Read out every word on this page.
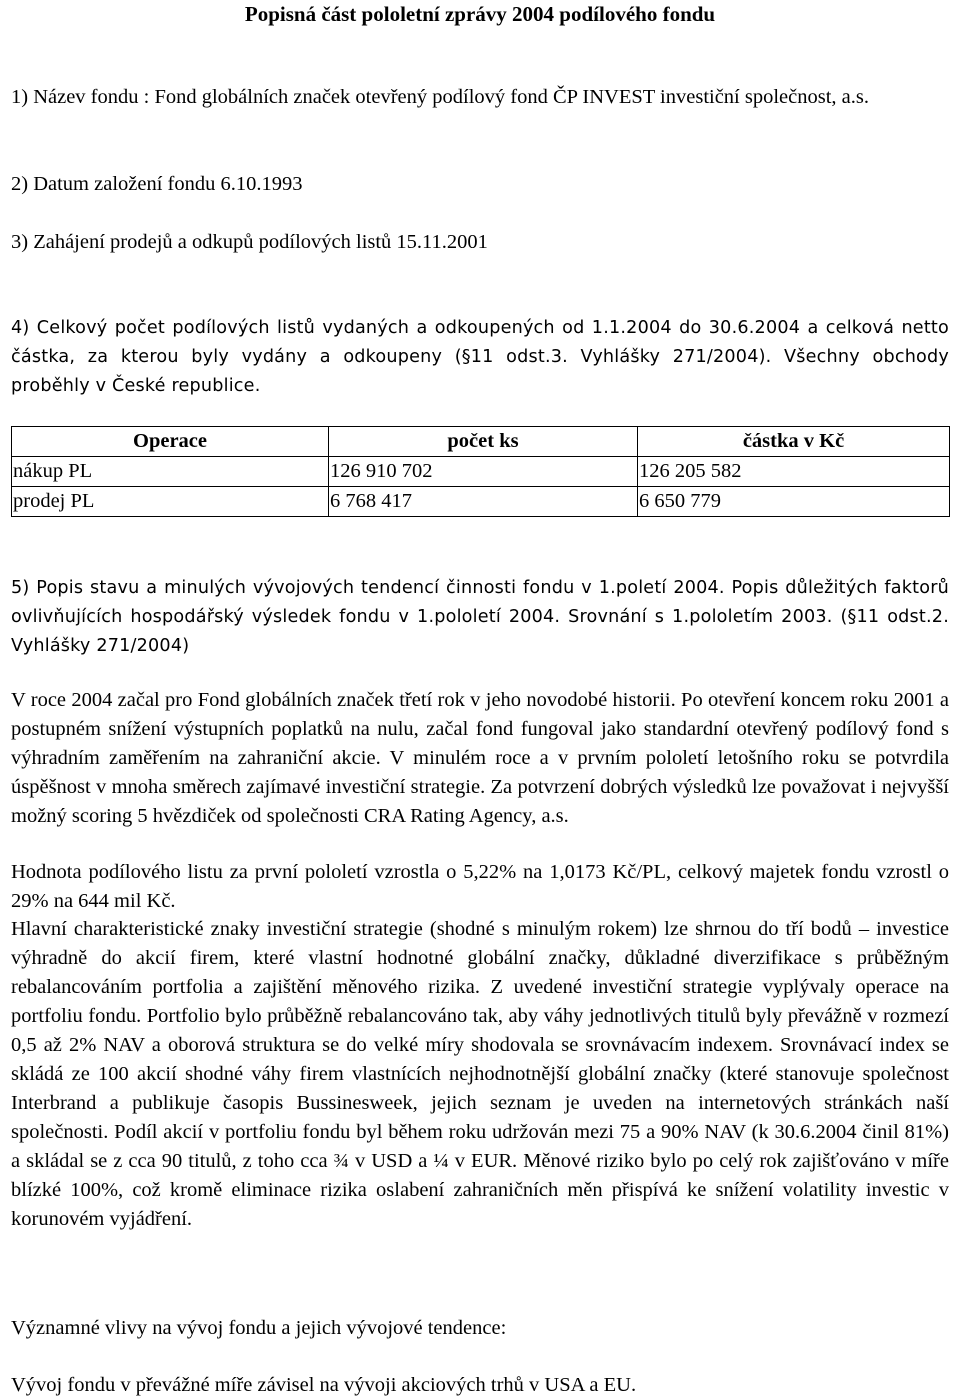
Popisná část pololetní zprávy 2004 podílového fondu

1) Název fondu : Fond globálních značek otevřený podílový fond ČP INVEST investiční společnost, a.s.

2) Datum založení fondu 6.10.1993

3) Zahájení prodejů a odkupů podílových listů 15.11.2001

4) Celkový počet podílových listů vydaných a odkoupených od 1.1.2004 do 30.6.2004 a celková netto částka, za kterou byly vydány a odkoupeny (§11 odst.3. Vyhlášky 271/2004). Všechny obchody proběhly v České republice.

Operace	počet ks	částka v Kč
nákup PL	126 910 702	126 205 582
prodej PL	6 768 417	6 650 779

5) Popis stavu a minulých vývojových tendencí činnosti fondu v 1.poletí 2004. Popis důležitých faktorů ovlivňujících hospodářský výsledek fondu v 1.pololetí 2004. Srovnání s 1.pololetím 2003. (§11 odst.2. Vyhlášky 271/2004)

V roce 2004 začal pro Fond globálních značek třetí rok v jeho novodobé historii. Po otevření koncem roku 2001 a postupném snížení výstupních poplatků na nulu, začal fond fungoval jako standardní otevřený podílový fond s výhradním zaměřením na zahraniční akcie. V minulém roce a v prvním pololetí letošního roku se potvrdila úspěšnost v mnoha směrech zajímavé investiční strategie. Za potvrzení dobrých výsledků lze považovat i nejvyšší možný scoring 5 hvězdiček od společnosti CRA Rating Agency, a.s.

Hodnota podílového listu za první pololetí vzrostla o 5,22% na 1,0173 Kč/PL, celkový majetek fondu vzrostl o 29% na 644 mil Kč.

Hlavní charakteristické znaky investiční strategie (shodné s minulým rokem) lze shrnou do tří bodů – investice výhradně do akcií firem, které vlastní hodnotné globální značky, důkladné diverzifikace s průběžným rebalancováním portfolia a zajištění měnového rizika. Z uvedené investiční strategie vyplývaly operace na portfoliu fondu. Portfolio bylo průběžně rebalancováno tak, aby váhy jednotlivých titulů byly převážně v rozmezí 0,5 až 2% NAV a oborová struktura se do velké míry shodovala se srovnávacím indexem. Srovnávací index se skládá ze 100 akcií shodné váhy firem vlastnících nejhodnotnější globální značky (které stanovuje společnost Interbrand a publikuje časopis Bussinesweek, jejich seznam je uveden na internetových stránkách naší společnosti. Podíl akcií v portfoliu fondu byl během roku udržován mezi 75 a 90% NAV (k 30.6.2004 činil 81%) a skládal se z cca 90 titulů, z toho cca ¾ v USD a ¼ v EUR. Měnové riziko bylo po celý rok zajišťováno v míře blízké 100%, což kromě eliminace rizika oslabení zahraničních měn přispívá ke snížení volatility investic v korunovém vyjádření.

Významné vlivy na vývoj fondu a jejich vývojové tendence:

Vývoj fondu v převážné míře závisel na vývoji akciových trhů v USA a EU.
